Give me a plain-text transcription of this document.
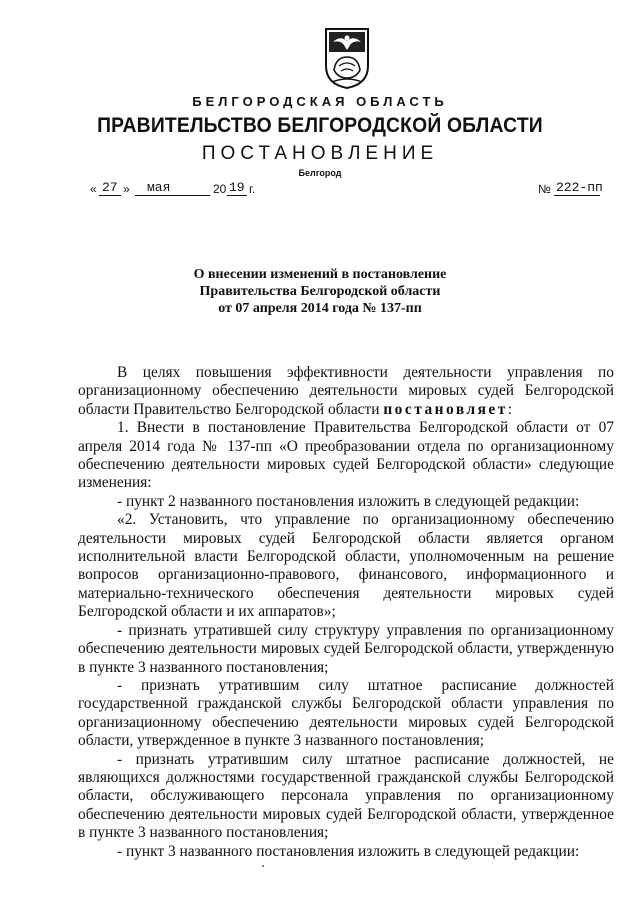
БЕЛГОРОДСКАЯ ОБЛАСТЬ
ПРАВИТЕЛЬСТВО БЕЛГОРОДСКОЙ ОБЛАСТИ
ПОСТАНОВЛЕНИЕ
Белгород
« 27 » мая	20 19 г.	№ 222-пп
О внесении изменений в постановление
Правительства Белгородской области
от 07 апреля 2014 года № 137-пп

В целях повышения эффективности деятельности управления по организационному обеспечению деятельности мировых судей Белгородской области Правительство Белгородской области постановляет:

1. Внести в постановление Правительства Белгородской области от 07 апреля 2014 года № 137-пп «О преобразовании отдела по организационному обеспечению деятельности мировых судей Белгородской области» следующие изменения:

- пункт 2 названного постановления изложить в следующей редакции:

«2. Установить, что управление по организационному обеспечению деятельности мировых судей Белгородской области является органом исполнительной власти Белгородской области, уполномоченным на решение вопросов организационно-правового, финансового, информационного и материально-технического обеспечения деятельности мировых судей Белгородской области и их аппаратов»;

- признать утратившей силу структуру управления по организационному обеспечению деятельности мировых судей Белгородской области, утвержденную в пункте 3 названного постановления;

- признать утратившим силу штатное расписание должностей государственной гражданской службы Белгородской области управления по организационному обеспечению деятельности мировых судей Белгородской области, утвержденное в пункте 3 названного постановления;

- признать утратившим силу штатное расписание должностей, не являющихся должностями государственной гражданской службы Белгородской области, обслуживающего персонала управления по организационному обеспечению деятельности мировых судей Белгородской области, утвержденное в пункте 3 названного постановления;

- пункт 3 названного постановления изложить в следующей редакции:
